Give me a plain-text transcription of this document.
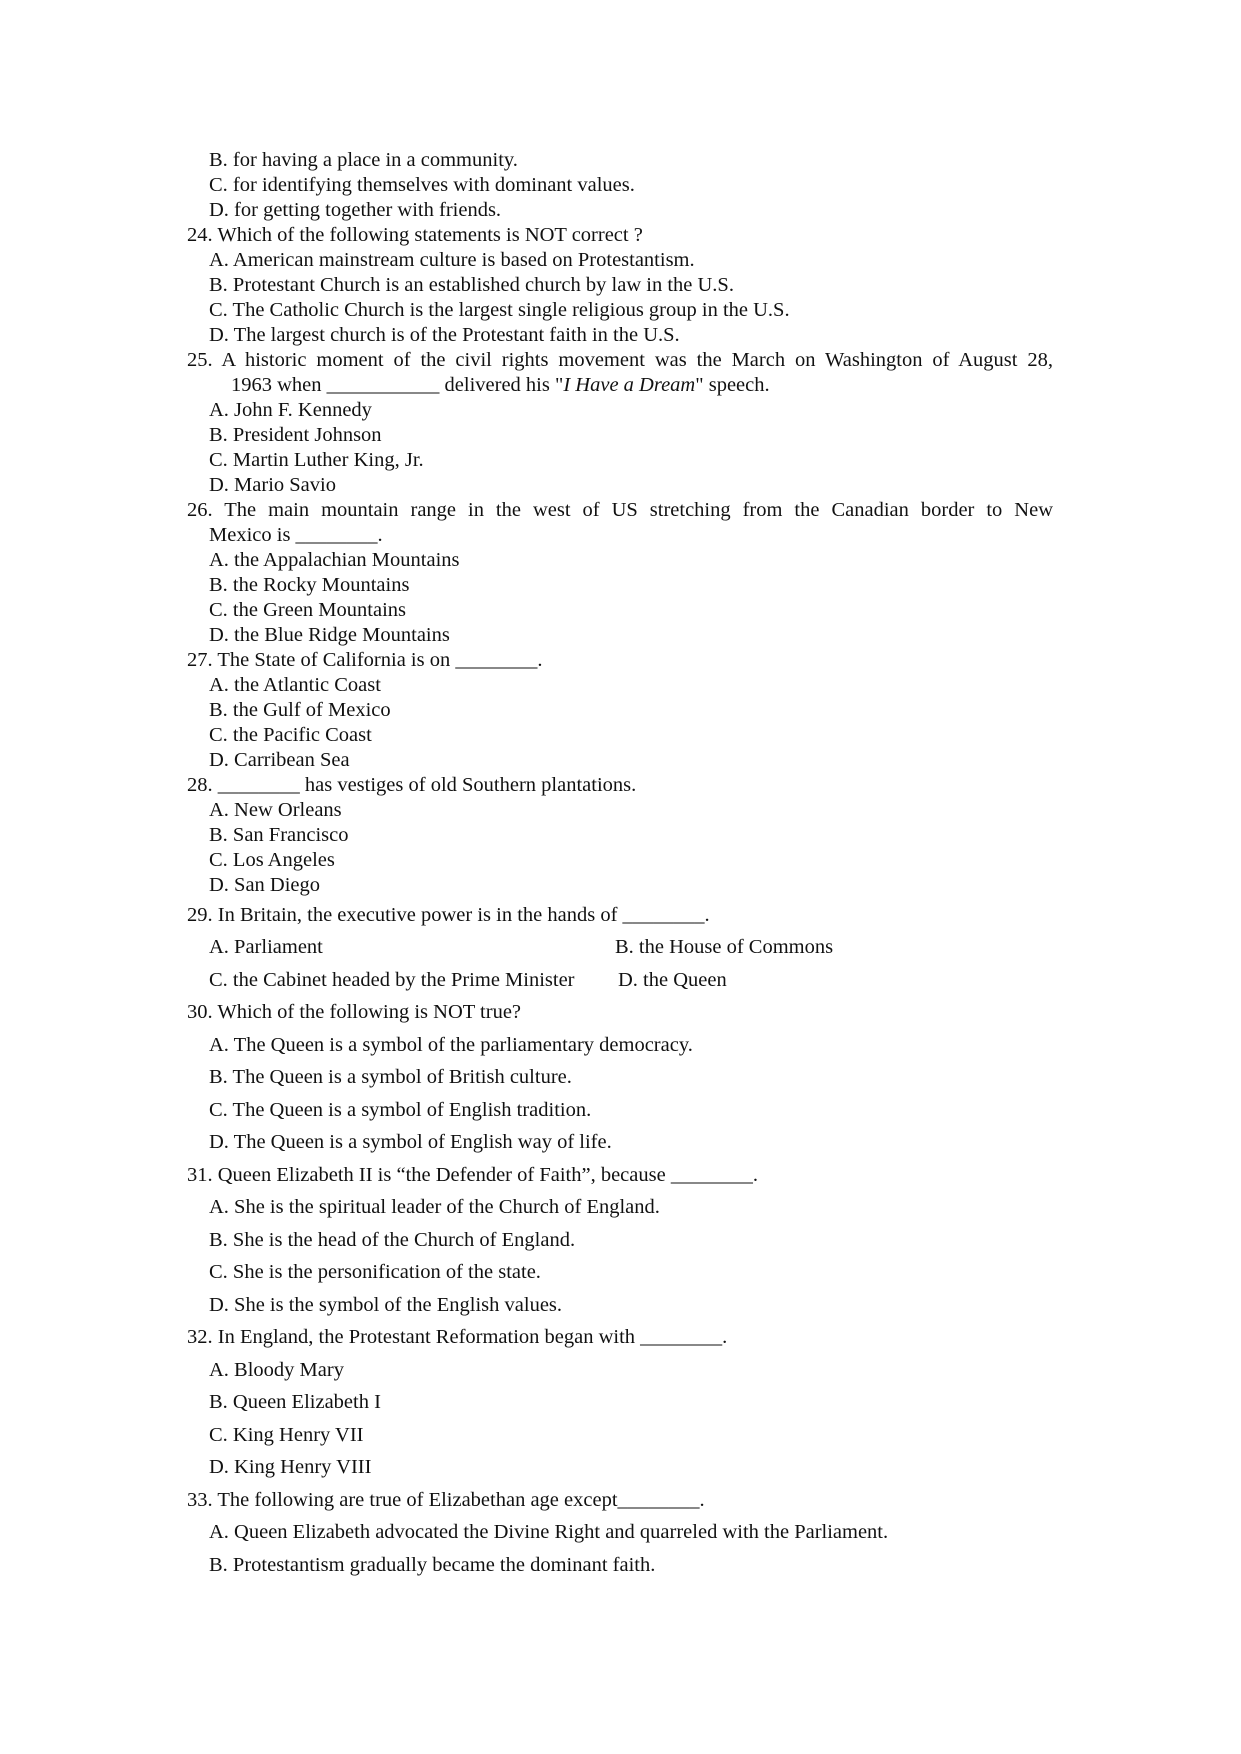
B. for having a place in a community.
C. for identifying themselves with dominant values.
D. for getting together with friends.
24. Which of the following statements is NOT correct ?
A. American mainstream culture is based on Protestantism.
B. Protestant Church is an established church by law in the U.S.
C. The Catholic Church is the largest single religious group in the U.S.
D. The largest church is of the Protestant faith in the U.S.
25. A historic moment of the civil rights movement was the March on Washington of August 28,
1963 when ___________ delivered his "I Have a Dream" speech.
A. John F. Kennedy
B. President Johnson
C. Martin Luther King, Jr.
D. Mario Savio
26. The main mountain range in the west of US stretching from the Canadian border to New
Mexico is ________.
A. the Appalachian Mountains
B. the Rocky Mountains
C. the Green Mountains
D. the Blue Ridge Mountains
27. The State of California is on ________.
A. the Atlantic Coast
B. the Gulf of Mexico
C. the Pacific Coast
D. Carribean Sea
28. ________ has vestiges of old Southern plantations.
A. New Orleans
B. San Francisco
C. Los Angeles
D. San Diego
29. In Britain, the executive power is in the hands of ________.
A. Parliament	B. the House of Commons
C. the Cabinet headed by the Prime Minister D. the Queen
30. Which of the following is NOT true?
A. The Queen is a symbol of the parliamentary democracy.
B. The Queen is a symbol of British culture.
C. The Queen is a symbol of English tradition.
D. The Queen is a symbol of English way of life.
31. Queen Elizabeth II is “the Defender of Faith”, because ________.
A. She is the spiritual leader of the Church of England.
B. She is the head of the Church of England.
C. She is the personification of the state.
D. She is the symbol of the English values.
32. In England, the Protestant Reformation began with ________.
A. Bloody Mary
B. Queen Elizabeth I
C. King Henry VII
D. King Henry VIII
33. The following are true of Elizabethan age except________.
A. Queen Elizabeth advocated the Divine Right and quarreled with the Parliament.
B. Protestantism gradually became the dominant faith.
